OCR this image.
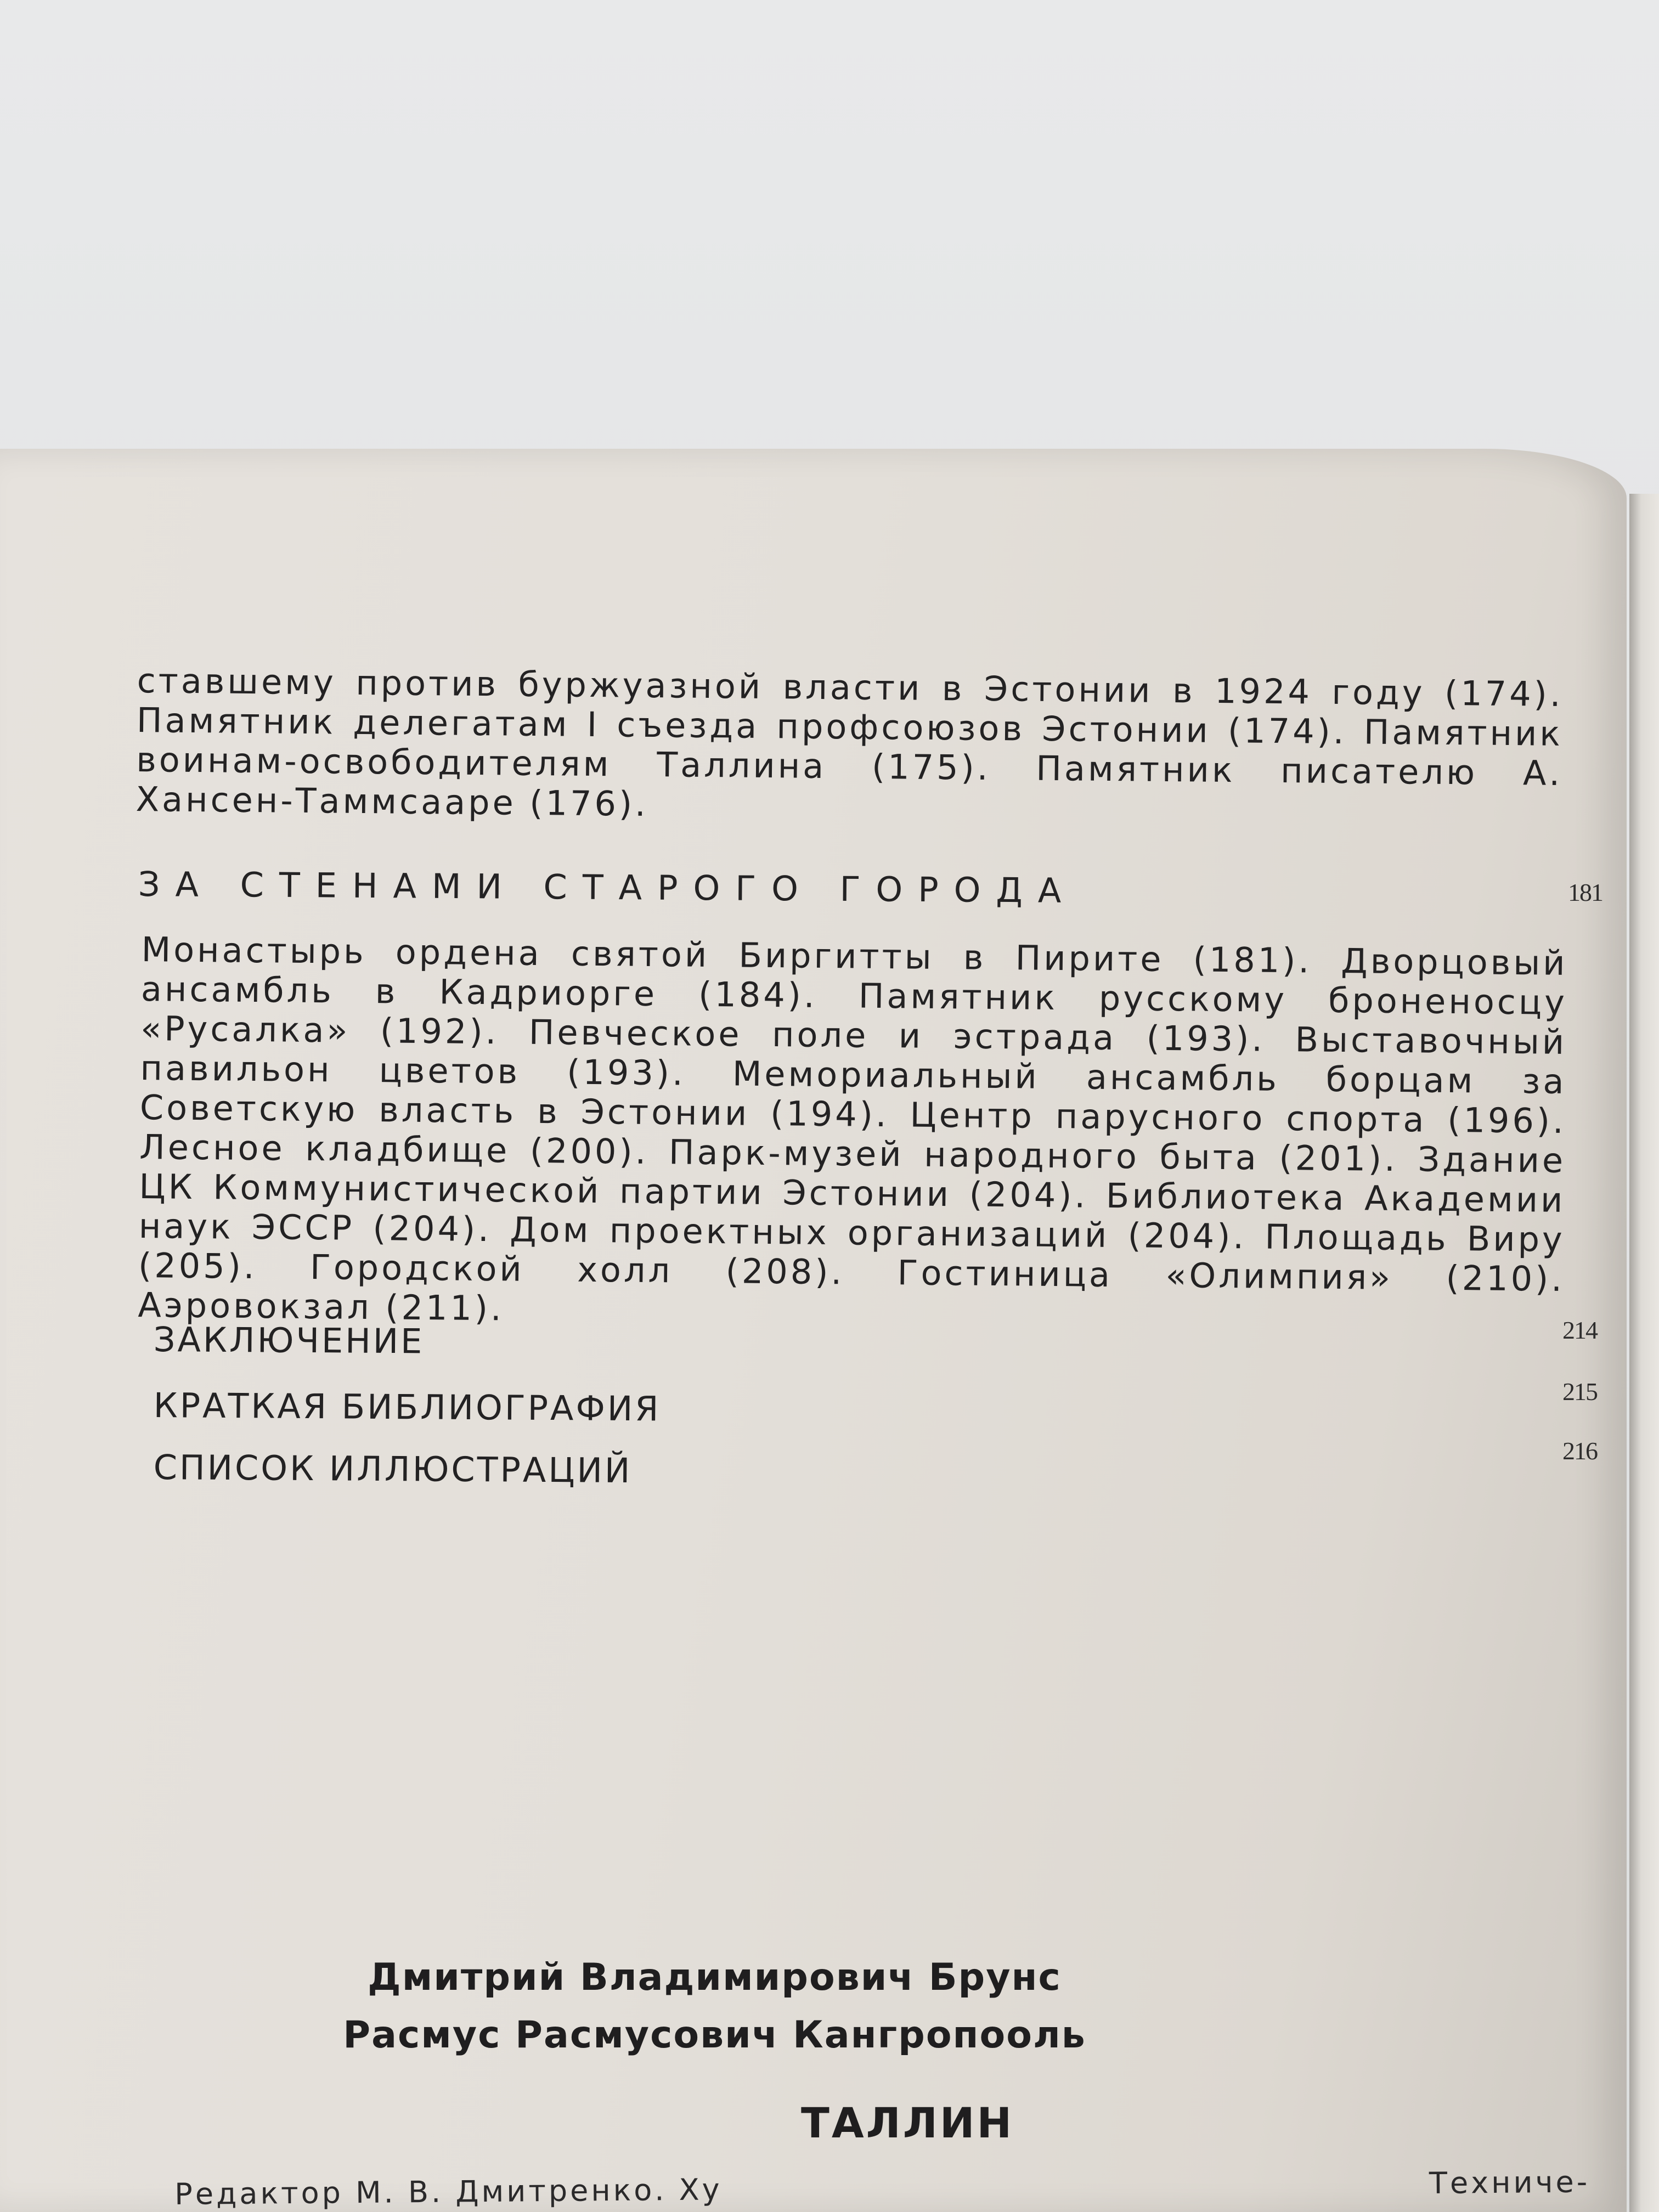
ставшему против буржуазной власти в Эстонии в 1924 году (174). Памятник делегатам I съезда профсоюзов Эстонии (174). Памятник воинам-освободителям Таллина (175). Памятник писателю А. Хансен-Таммсааре (176).
ЗА СТЕНАМИ СТАРОГО ГОРОДА	181
Монастырь ордена святой Биргитты в Пирите (181). Дворцовый ансамбль в Кадриорге (184). Памятник русскому броненосцу «Русалка» (192). Певческое поле и эстрада (193). Выставочный павильон цветов (193). Мемориальный ансамбль борцам за Советскую власть в Эстонии (194). Центр парусного спорта (196). Лесное кладбище (200). Парк-музей народного быта (201). Здание ЦК Коммунистической партии Эстонии (204). Библиотека Академии наук ЭССР (204). Дом проектных организаций (204). Площадь Виру (205). Городской холл (208). Гостиница «Олимпия» (210). Аэровокзал (211).
ЗАКЛЮЧЕНИЕ	214
КРАТКАЯ БИБЛИОГРАФИЯ	215
СПИСОК ИЛЛЮСТРАЦИЙ	216
Дмитрий Владимирович Брунс
Расмус Расмусович Кангропооль
ТАЛЛИН
Редактор М. В. Дмитренко. Ху	Техниче-
